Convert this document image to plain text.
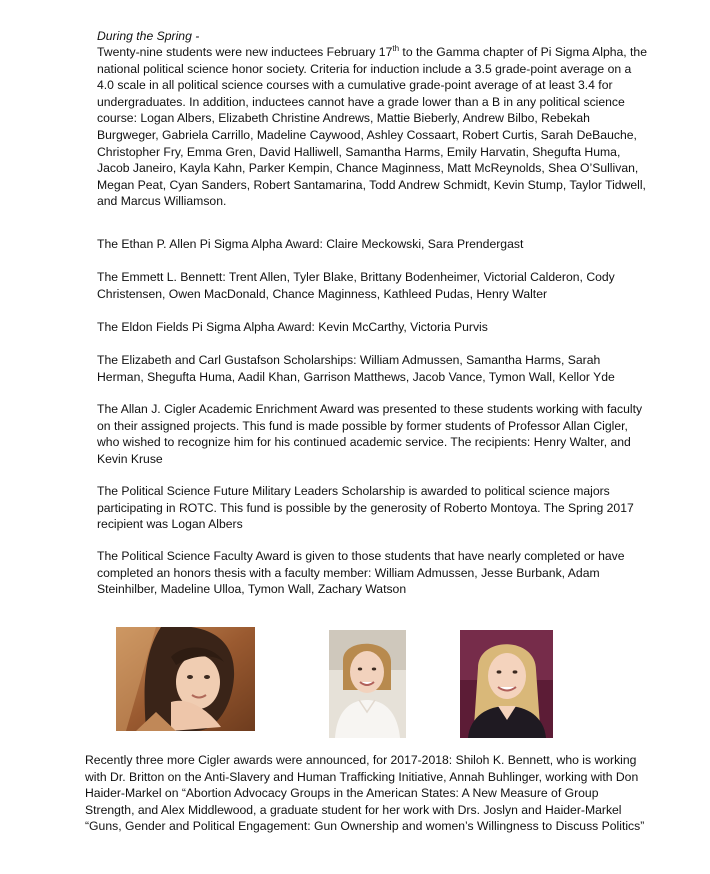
During the Spring -
Twenty-nine students were new inductees February 17th to the Gamma chapter of Pi Sigma Alpha, the national political science honor society. Criteria for induction include a 3.5 grade-point average on a 4.0 scale in all political science courses with a cumulative grade-point average of at least 3.4 for undergraduates. In addition, inductees cannot have a grade lower than a B in any political science course: Logan Albers, Elizabeth Christine Andrews, Mattie Bieberly, Andrew Bilbo, Rebekah Burgweger, Gabriela Carrillo, Madeline Caywood, Ashley Cossaart, Robert Curtis, Sarah DeBauche, Christopher Fry, Emma Gren, David Halliwell, Samantha Harms, Emily Harvatin, Shegufta Huma, Jacob Janeiro, Kayla Kahn, Parker Kempin, Chance Maginness, Matt McReynolds, Shea O’Sullivan, Megan Peat, Cyan Sanders, Robert Santamarina, Todd Andrew Schmidt, Kevin Stump, Taylor Tidwell, and Marcus Williamson.
The Ethan P. Allen Pi Sigma Alpha Award: Claire Meckowski, Sara Prendergast
The Emmett L. Bennett: Trent Allen, Tyler Blake, Brittany Bodenheimer, Victorial Calderon, Cody Christensen, Owen MacDonald, Chance Maginness, Kathleed Pudas, Henry Walter
The Eldon Fields Pi Sigma Alpha Award: Kevin McCarthy, Victoria Purvis
The Elizabeth and Carl Gustafson Scholarships: William Admussen, Samantha Harms, Sarah Herman, Shegufta Huma, Aadil Khan, Garrison Matthews, Jacob Vance, Tymon Wall, Kellor Yde
The Allan J. Cigler Academic Enrichment Award was presented to these students working with faculty on their assigned projects. This fund is made possible by former students of Professor Allan Cigler, who wished to recognize him for his continued academic service. The recipients: Henry Walter, and Kevin Kruse
The Political Science Future Military Leaders Scholarship is awarded to political science majors participating in ROTC. This fund is possible by the generosity of Roberto Montoya. The Spring 2017 recipient was Logan Albers
The Political Science Faculty Award is given to those students that have nearly completed or have completed an honors thesis with a faculty member: William Admussen, Jesse Burbank, Adam Steinhilber, Madeline Ulloa, Tymon Wall, Zachary Watson
Recently three more Cigler awards were announced, for 2017-2018: Shiloh K. Bennett, who is working with Dr. Britton on the Anti-Slavery and Human Trafficking Initiative, Annah Buhlinger, working with Don Haider-Markel on “Abortion Advocacy Groups in the American States: A New Measure of Group Strength, and Alex Middlewood, a graduate student for her work with Drs. Joslyn and Haider-Markel “Guns, Gender and Political Engagement: Gun Ownership and women’s Willingness to Discuss Politics”
